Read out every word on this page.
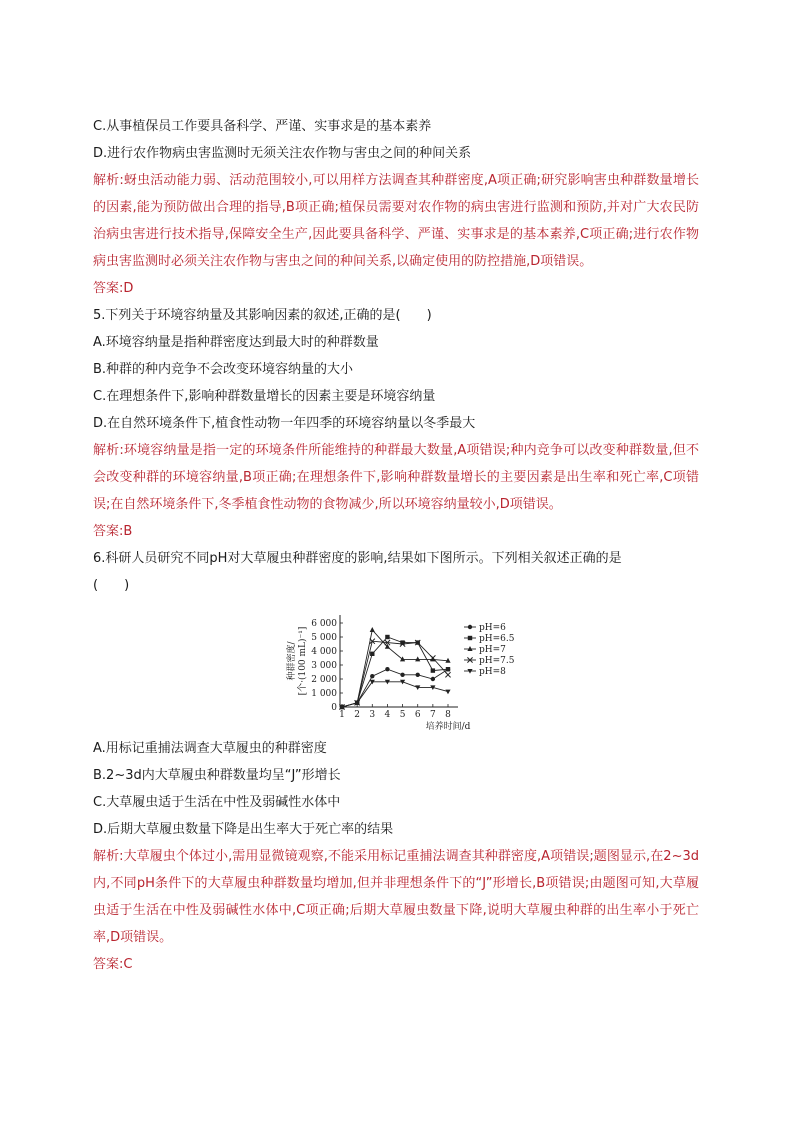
C.从事植保员工作要具备科学、严谨、实事求是的基本素养
D.进行农作物病虫害监测时无须关注农作物与害虫之间的种间关系
解析:蚜虫活动能力弱、活动范围较小,可以用样方法调查其种群密度,A项正确;研究影响害虫种群数量增长的因素,能为预防做出合理的指导,B项正确;植保员需要对农作物的病虫害进行监测和预防,并对广大农民防治病虫害进行技术指导,保障安全生产,因此要具备科学、严谨、实事求是的基本素养,C项正确;进行农作物病虫害监测时必须关注农作物与害虫之间的种间关系,以确定使用的防控措施,D项错误。
答案:D
5.下列关于环境容纳量及其影响因素的叙述,正确的是(　　)
A.环境容纳量是指种群密度达到最大时的种群数量
B.种群的种内竞争不会改变环境容纳量的大小
C.在理想条件下,影响种群数量增长的因素主要是环境容纳量
D.在自然环境条件下,植食性动物一年四季的环境容纳量以冬季最大
解析:环境容纳量是指一定的环境条件所能维持的种群最大数量,A项错误;种内竞争可以改变种群数量,但不会改变种群的环境容纳量,B项正确;在理想条件下,影响种群数量增长的主要因素是出生率和死亡率,C项错误;在自然环境条件下,冬季植食性动物的食物减少,所以环境容纳量较小,D项错误。
答案:B
6.科研人员研究不同pH对大草履虫种群密度的影响,结果如下图所示。下列相关叙述正确的是
(　　)
0
1 000
2 000
3 000
4 000
5 000
6 000
1 2 3 4 5 6 7 8
培养时间/d
种群密度/ [个·(100 mL)⁻¹]	pH=6
pH=6.5
pH=7
pH=7.5
pH=8
A.用标记重捕法调查大草履虫的种群密度
B.2~3d内大草履虫种群数量均呈“J”形增长
C.大草履虫适于生活在中性及弱碱性水体中
D.后期大草履虫数量下降是出生率大于死亡率的结果
解析:大草履虫个体过小,需用显微镜观察,不能采用标记重捕法调查其种群密度,A项错误;题图显示,在2~3d内,不同pH条件下的大草履虫种群数量均增加,但并非理想条件下的“J”形增长,B项错误;由题图可知,大草履虫适于生活在中性及弱碱性水体中,C项正确;后期大草履虫数量下降,说明大草履虫种群的出生率小于死亡率,D项错误。
答案:C
